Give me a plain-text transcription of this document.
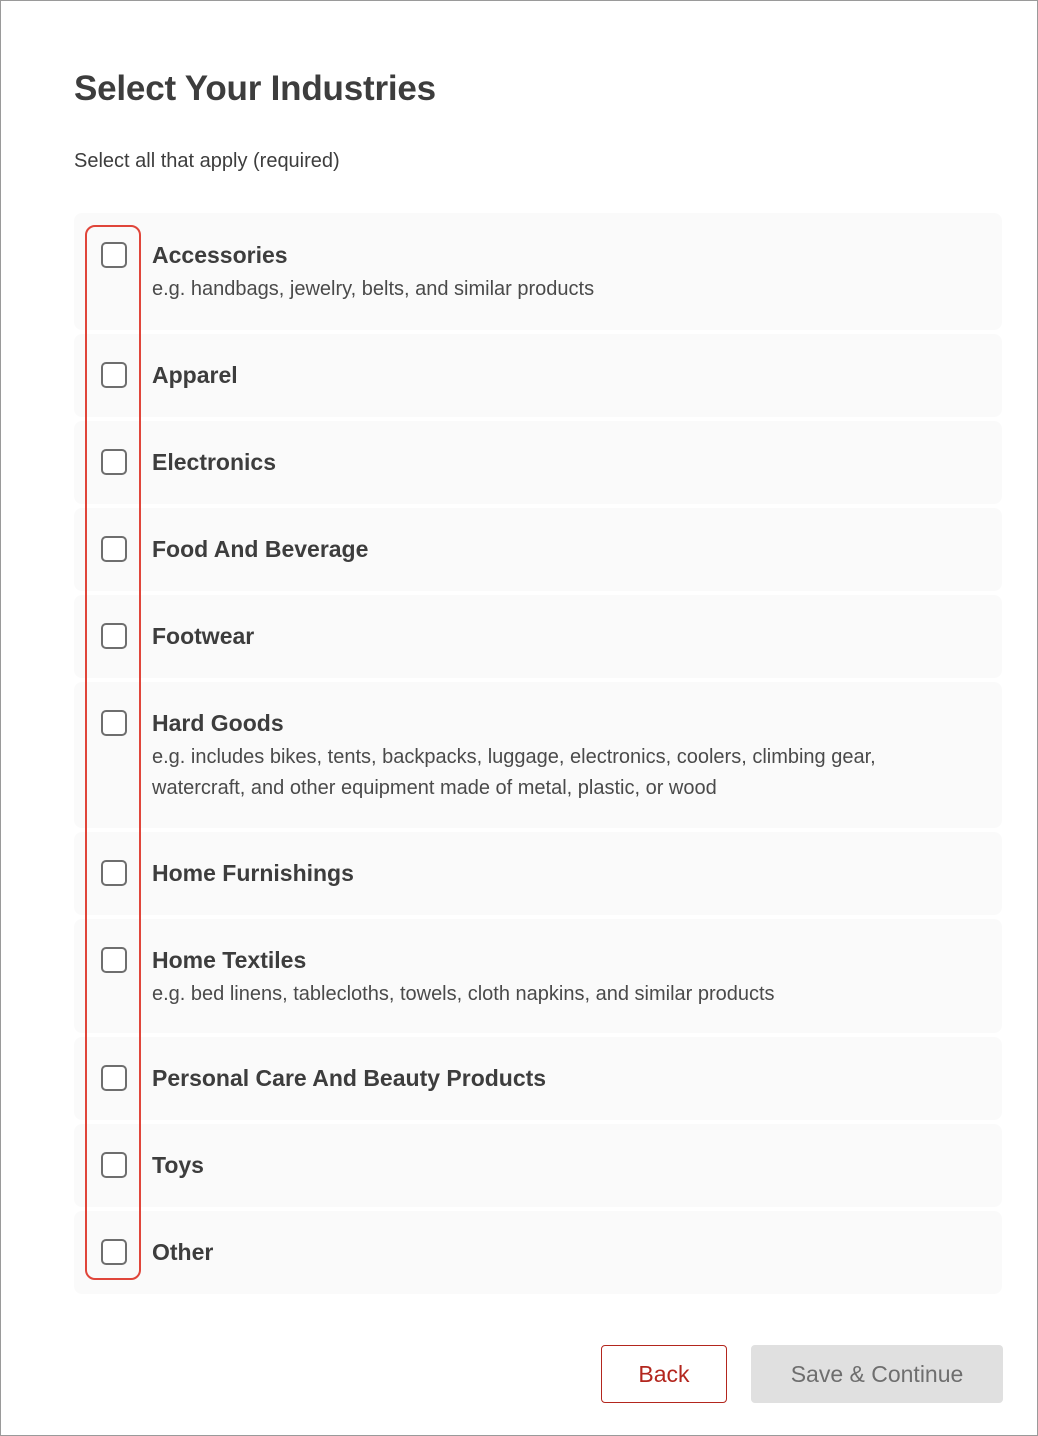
Select Your Industries

Select all that apply (required)

Accessories
e.g. handbags, jewelry, belts, and similar products
Apparel
Electronics
Food And Beverage
Footwear
Hard Goods
e.g. includes bikes, tents, backpacks, luggage, electronics, coolers, climbing gear, watercraft, and other equipment made of metal, plastic, or wood
Home Furnishings
Home Textiles
e.g. bed linens, tablecloths, towels, cloth napkins, and similar products
Personal Care And Beauty Products
Toys
Other
Back	Save & Continue
